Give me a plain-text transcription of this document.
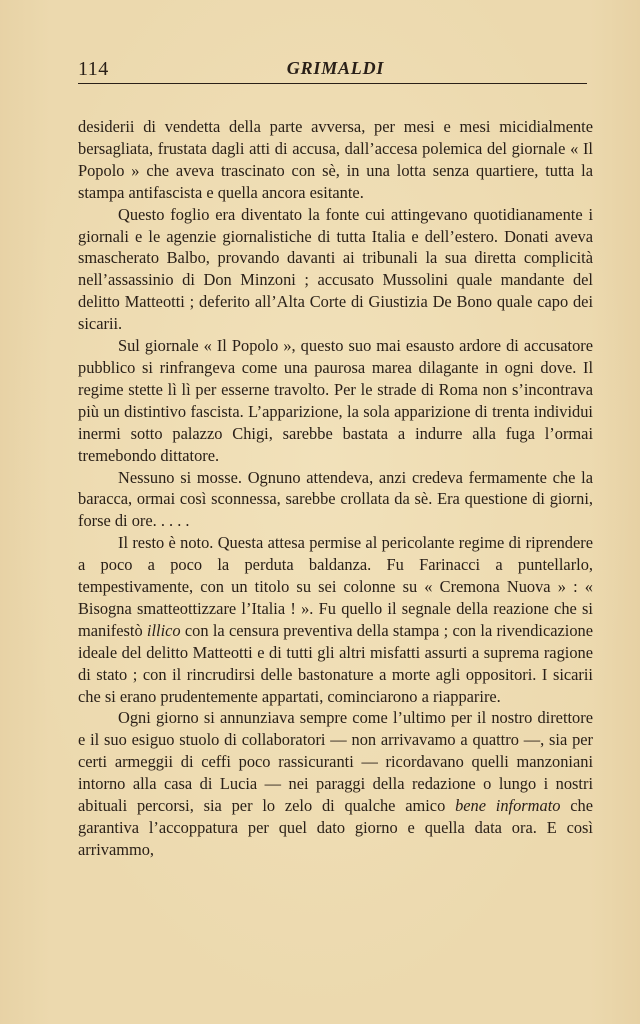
114	GRIMALDI

desiderii di vendetta della parte avversa, per mesi e mesi micidialmente bersagliata, frustata dagli atti di accusa, dall’accesa polemica del giornale « Il Popolo » che aveva trascinato con sè, in una lotta senza quartiere, tutta la stampa antifascista e quella ancora esitante.

Questo foglio era diventato la fonte cui attingevano quotidianamente i giornali e le agenzie giornalistiche di tutta Italia e dell’estero. Donati aveva smascherato Balbo, provando davanti ai tribunali la sua diretta complicità nell’assassinio di Don Minzoni ; accusato Mussolini quale mandante del delitto Matteotti ; deferito all’Alta Corte di Giustizia De Bono quale capo dei sicarii.

Sul giornale « Il Popolo », questo suo mai esausto ardore di accusatore pubblico si rinfrangeva come una paurosa marea dilagante in ogni dove. Il regime stette lì lì per esserne travolto. Per le strade di Roma non s’incontrava più un distintivo fascista. L’apparizione, la sola apparizione di trenta individui inermi sotto palazzo Chigi, sarebbe bastata a indurre alla fuga l’ormai tremebondo dittatore.

Nessuno si mosse. Ognuno attendeva, anzi credeva fermamente che la baracca, ormai così sconnessa, sarebbe crollata da sè. Era questione di giorni, forse di ore. . . . .

Il resto è noto. Questa attesa permise al pericolante regime di riprendere a poco a poco la perduta baldanza. Fu Farinacci a puntellarlo, tempestivamente, con un titolo su sei colonne su « Cremona Nuova » : « Bisogna smatteottizzare l’Italia ! ». Fu quello il segnale della reazione che si manifestò illico con la censura preventiva della stampa ; con la rivendicazione ideale del delitto Matteotti e di tutti gli altri misfatti assurti a suprema ragione di stato ; con il rincrudirsi delle bastonature a morte agli oppositori. I sicarii che si erano prudentemente appartati, cominciarono a riapparire.

Ogni giorno si annunziava sempre come l’ultimo per il nostro direttore e il suo esiguo stuolo di collaboratori — non arrivavamo a quattro —, sia per certi armeggii di ceffi poco rassicuranti — ricordavano quelli manzoniani intorno alla casa di Lucia — nei paraggi della redazione o lungo i nostri abituali percorsi, sia per lo zelo di qualche amico bene informato che garantiva l’accoppatura per quel dato giorno e quella data ora. E così arrivammo,
